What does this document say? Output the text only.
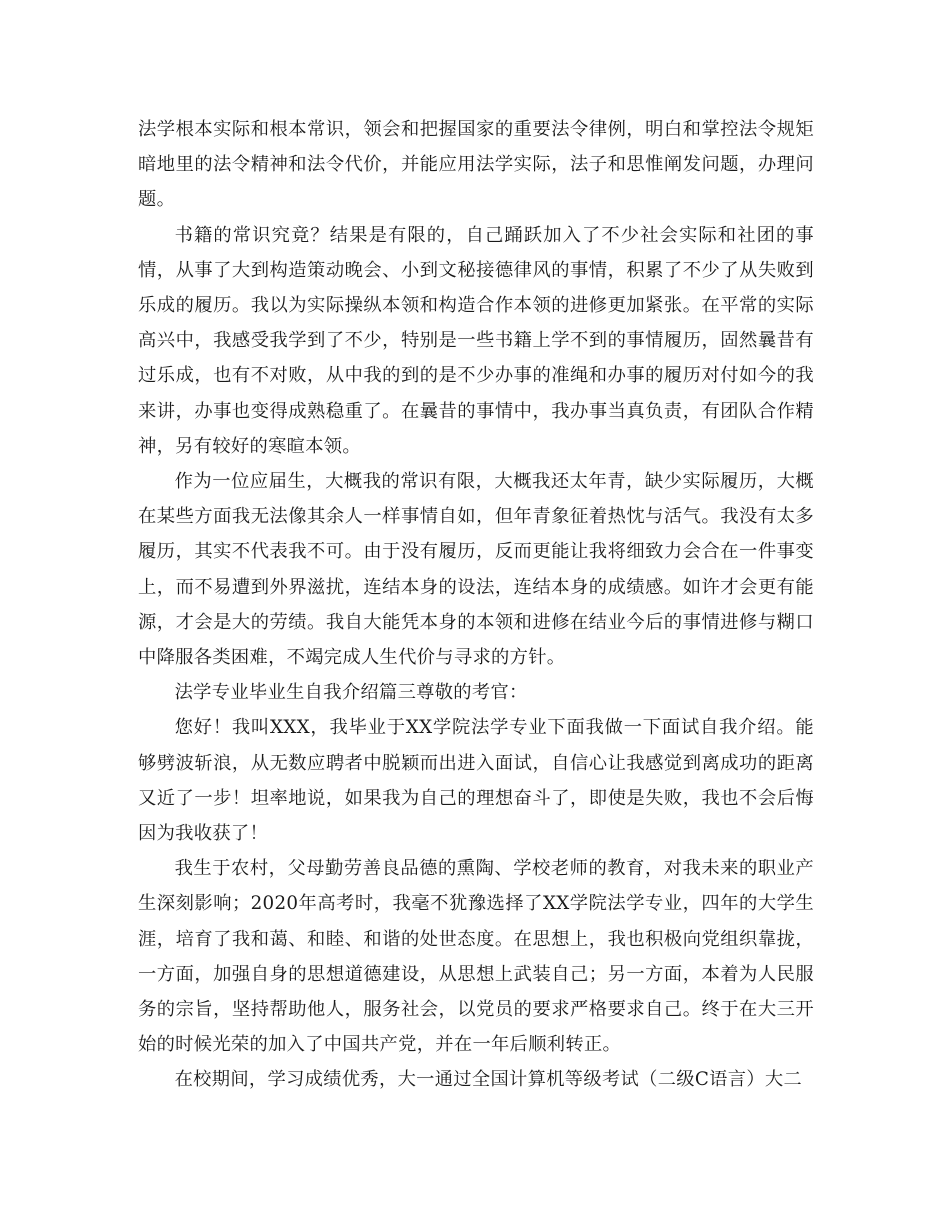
法学根本实际和根本常识，领会和把握国家的重要法令律例，明白和掌控法令规矩暗地里的法令精神和法令代价，并能应用法学实际，法子和思惟阐发问题，办理问题。

书籍的常识究竟？结果是有限的，自己踊跃加入了不少社会实际和社团的事情，从事了大到构造策动晚会、小到文秘接德律风的事情，积累了不少了从失败到乐成的履历。我以为实际操纵本领和构造合作本领的进修更加紧张。在平常的实际高兴中，我感受我学到了不少，特别是一些书籍上学不到的事情履历，固然曩昔有过乐成，也有不对败，从中我的到的是不少办事的准绳和办事的履历对付如今的我来讲，办事也变得成熟稳重了。在曩昔的事情中，我办事当真负责，有团队合作精神，另有较好的寒暄本领。

作为一位应届生，大概我的常识有限，大概我还太年青，缺少实际履历，大概在某些方面我无法像其余人一样事情自如，但年青象征着热忱与活气。我没有太多履历，其实不代表我不可。由于没有履历，反而更能让我将细致力会合在一件事变上，而不易遭到外界滋扰，连结本身的设法，连结本身的成绩感。如许才会更有能源，才会是大的劳绩。我自大能凭本身的本领和进修在结业今后的事情进修与糊口中降服各类困难，不竭完成人生代价与寻求的方针。

法学专业毕业生自我介绍篇三尊敬的考官：

您好！我叫XXX，我毕业于XX学院法学专业下面我做一下面试自我介绍。能够劈波斩浪，从无数应聘者中脱颖而出进入面试，自信心让我感觉到离成功的距离又近了一步！坦率地说，如果我为自己的理想奋斗了，即使是失败，我也不会后悔因为我收获了！

我生于农村，父母勤劳善良品德的熏陶、学校老师的教育，对我未来的职业产生深刻影响；2020年高考时，我毫不犹豫选择了XX学院法学专业，四年的大学生涯，培育了我和蔼、和睦、和谐的处世态度。在思想上，我也积极向党组织靠拢，一方面，加强自身的思想道德建设，从思想上武装自己；另一方面，本着为人民服务的宗旨，坚持帮助他人，服务社会，以党员的要求严格要求自己。终于在大三开始的时候光荣的加入了中国共产党，并在一年后顺利转正。

在校期间，学习成绩优秀，大一通过全国计算机等级考试（二级C语言）大二
